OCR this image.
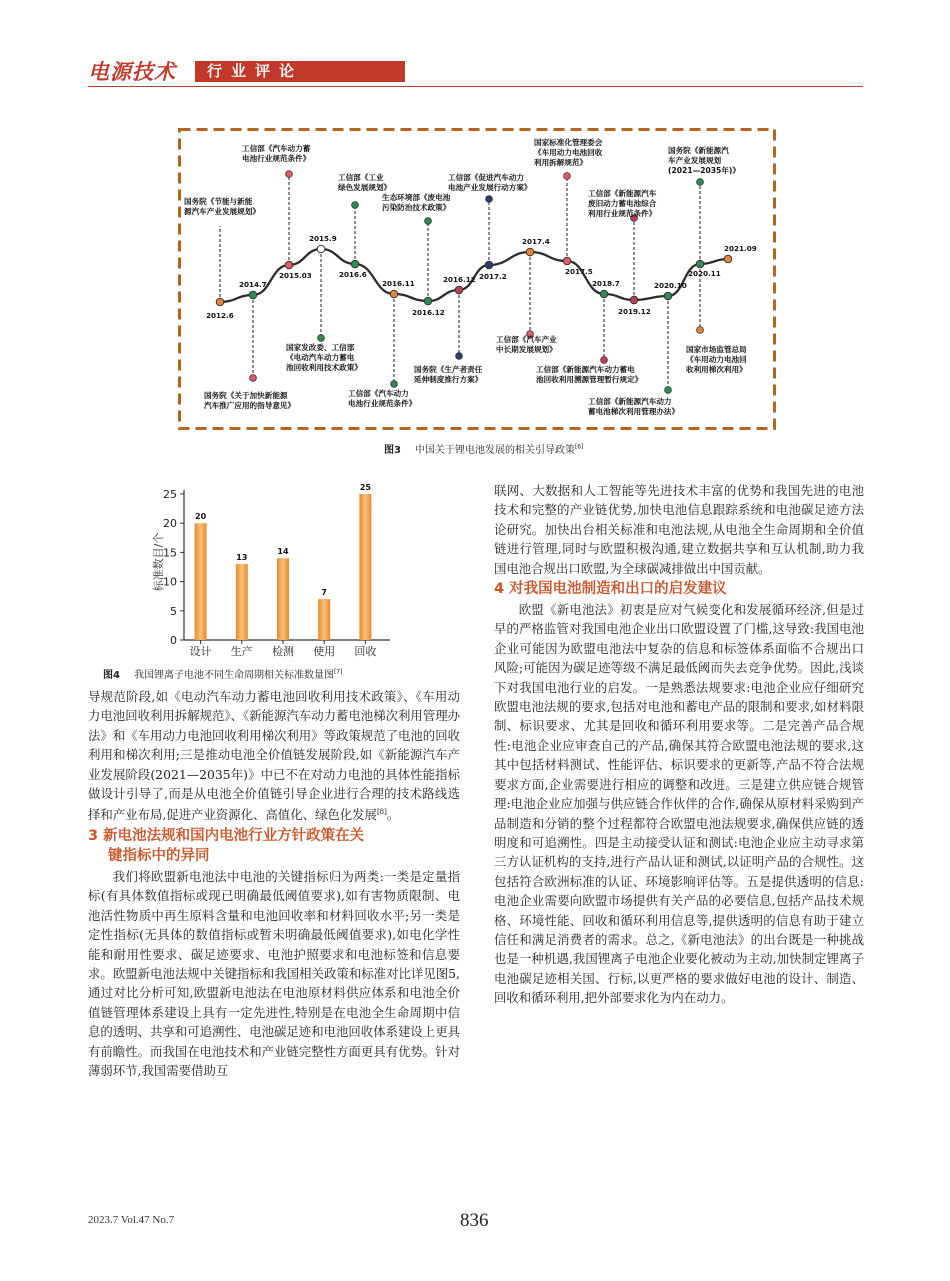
电源技术	行业评论
2012.6
2014.7
2015.03
2015.9
2016.6
2016.11
2016.12
2016.12 2017.2
2017.4
2017.5
2018.7
2019.12
2020.10
2020.11
2021.09
国务院《节能与新能
源汽车产业发展规划》
工信部《汽车动力蓄
电池行业规范条件》
工信部《工业
绿色发展规划》
生态环境部《废电池
污染防治技术政策》
工信部《促进汽车动力
电池产业发展行动方案》
国家标准化管理委会
《车用动力电池回收
利用拆解规范》
工信部《新能源汽车
废旧动力蓄电池综合
利用行业规范条件》
国务院《新能源汽
车产业发展规划
(2021—2035年)》
国务院《关于加快新能源
汽车推广应用的指导意见》
国家发改委、工信部
《电动汽车动力蓄电
池回收利用技术政策》
工信部《汽车动力
电池行业规范条件》
国务院《生产者责任
延伸制度推行方案》
工信部《汽车产业
中长期发展规划》
工信部《新能源汽车动力蓄电
池回收利用溯源管理暂行规定》
工信部《新能源汽车动力
蓄电池梯次利用管理办法》
国家市场监管总局
《车用动力电池回
收利用梯次利用》
图3 中国关于锂电池发展的相关引导政策[6]
0
5
10
15
20
25
20
设计
13
生产
14
检测
7
使用
25
回收
标准数目/个
图4 我国锂离子电池不同生命周期相关标准数量图[7]

导规范阶段,如《电动汽车动力蓄电池回收利用技术政策》、《车用动力电池回收利用拆解规范》、《新能源汽车动力蓄电池梯次利用管理办法》和《车用动力电池回收利用梯次利用》等政策规范了电池的回收利用和梯次利用;三是推动电池全价值链发展阶段,如《新能源汽车产业发展阶段(2021—2035年)》中已不在对动力电池的具体性能指标做设计引导了,而是从电池全价值链引导企业进行合理的技术路线选择和产业布局,促进产业资源化、高值化、绿色化发展[8]。

3 新电池法规和国内电池行业方针政策在关
键指标中的异同

我们将欧盟新电池法中电池的关键指标归为两类:一类是定量指标(有具体数值指标或现已明确最低阈值要求),如有害物质限制、电池活性物质中再生原料含量和电池回收率和材料回收水平;另一类是定性指标(无具体的数值指标或暂未明确最低阈值要求),如电化学性能和耐用性要求、碳足迹要求、电池护照要求和电池标签和信息要求。欧盟新电池法规中关键指标和我国相关政策和标准对比详见图5,通过对比分析可知,欧盟新电池法在电池原材料供应体系和电池全价值链管理体系建设上具有一定先进性,特别是在电池全生命周期中信息的透明、共享和可追溯性、电池碳足迹和电池回收体系建设上更具有前瞻性。而我国在电池技术和产业链完整性方面更具有优势。针对薄弱环节,我国需要借助互

联网、大数据和人工智能等先进技术丰富的优势和我国先进的电池技术和完整的产业链优势,加快电池信息跟踪系统和电池碳足迹方法论研究。加快出台相关标准和电池法规,从电池全生命周期和全价值链进行管理,同时与欧盟积极沟通,建立数据共享和互认机制,助力我国电池合规出口欧盟,为全球碳减排做出中国贡献。

4 对我国电池制造和出口的启发建议

欧盟《新电池法》初衷是应对气候变化和发展循环经济,但是过早的严格监管对我国电池企业出口欧盟设置了门槛,这导致:我国电池企业可能因为欧盟电池法中复杂的信息和标签体系面临不合规出口风险;可能因为碳足迹等级不满足最低阈而失去竞争优势。因此,浅谈下对我国电池行业的启发。一是熟悉法规要求:电池企业应仔细研究欧盟电池法规的要求,包括对电池和蓄电产品的限制和要求,如材料限制、标识要求、尤其是回收和循环利用要求等。二是完善产品合规性:电池企业应审查自己的产品,确保其符合欧盟电池法规的要求,这其中包括材料测试、性能评估、标识要求的更新等,产品不符合法规要求方面,企业需要进行相应的调整和改进。三是建立供应链合规管理:电池企业应加强与供应链合作伙伴的合作,确保从原材料采购到产品制造和分销的整个过程都符合欧盟电池法规要求,确保供应链的透明度和可追溯性。四是主动接受认证和测试:电池企业应主动寻求第三方认证机构的支持,进行产品认证和测试,以证明产品的合规性。这包括符合欧洲标准的认证、环境影响评估等。五是提供透明的信息:电池企业需要向欧盟市场提供有关产品的必要信息,包括产品技术规格、环境性能、回收和循环利用信息等,提供透明的信息有助于建立信任和满足消费者的需求。总之,《新电池法》的出台既是一种挑战也是一种机遇,我国锂离子电池企业要化被动为主动,加快制定锂离子电池碳足迹相关国、行标,以更严格的要求做好电池的设计、制造、回收和循环利用,把外部要求化为内在动力。

2023.7 Vol.47 No.7	836
